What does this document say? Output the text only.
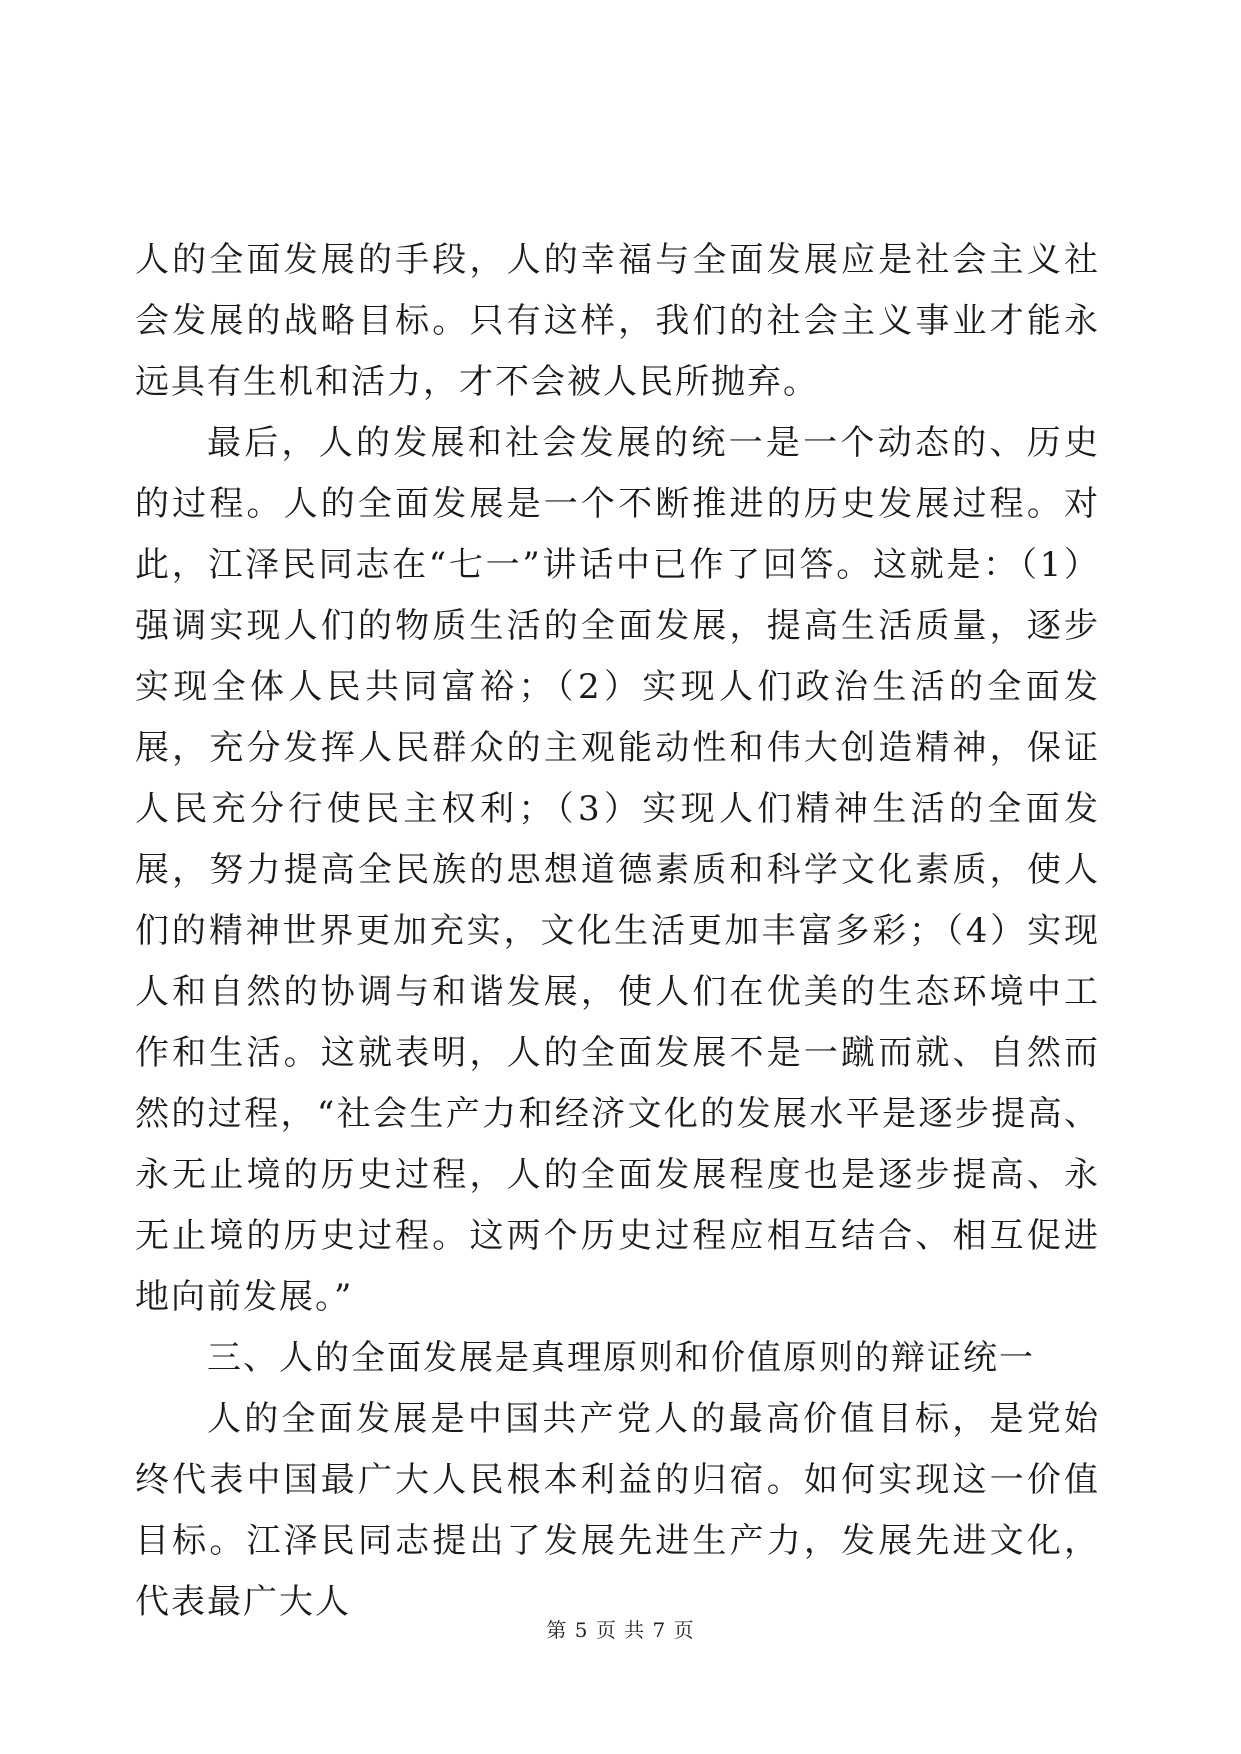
人的全面发展的手段，人的幸福与全面发展应是社会主义社会发展的战略目标。只有这样，我们的社会主义事业才能永远具有生机和活力，才不会被人民所抛弃。

最后，人的发展和社会发展的统一是一个动态的、历史的过程。人的全面发展是一个不断推进的历史发展过程。对此，江泽民同志在“七一”讲话中已作了回答。这就是：（1）强调实现人们的物质生活的全面发展，提高生活质量，逐步实现全体人民共同富裕；（2）实现人们政治生活的全面发展，充分发挥人民群众的主观能动性和伟大创造精神，保证人民充分行使民主权利；（3）实现人们精神生活的全面发展，努力提高全民族的思想道德素质和科学文化素质，使人们的精神世界更加充实，文化生活更加丰富多彩；（4）实现人和自然的协调与和谐发展，使人们在优美的生态环境中工作和生活。这就表明，人的全面发展不是一蹴而就、自然而然的过程，“社会生产力和经济文化的发展水平是逐步提高、永无止境的历史过程，人的全面发展程度也是逐步提高、永无止境的历史过程。这两个历史过程应相互结合、相互促进地向前发展。”

三、人的全面发展是真理原则和价值原则的辩证统一

人的全面发展是中国共产党人的最高价值目标，是党始终代表中国最广大人民根本利益的归宿。如何实现这一价值目标。江泽民同志提出了发展先进生产力，发展先进文化，代表最广大人

第 5 页 共 7 页
